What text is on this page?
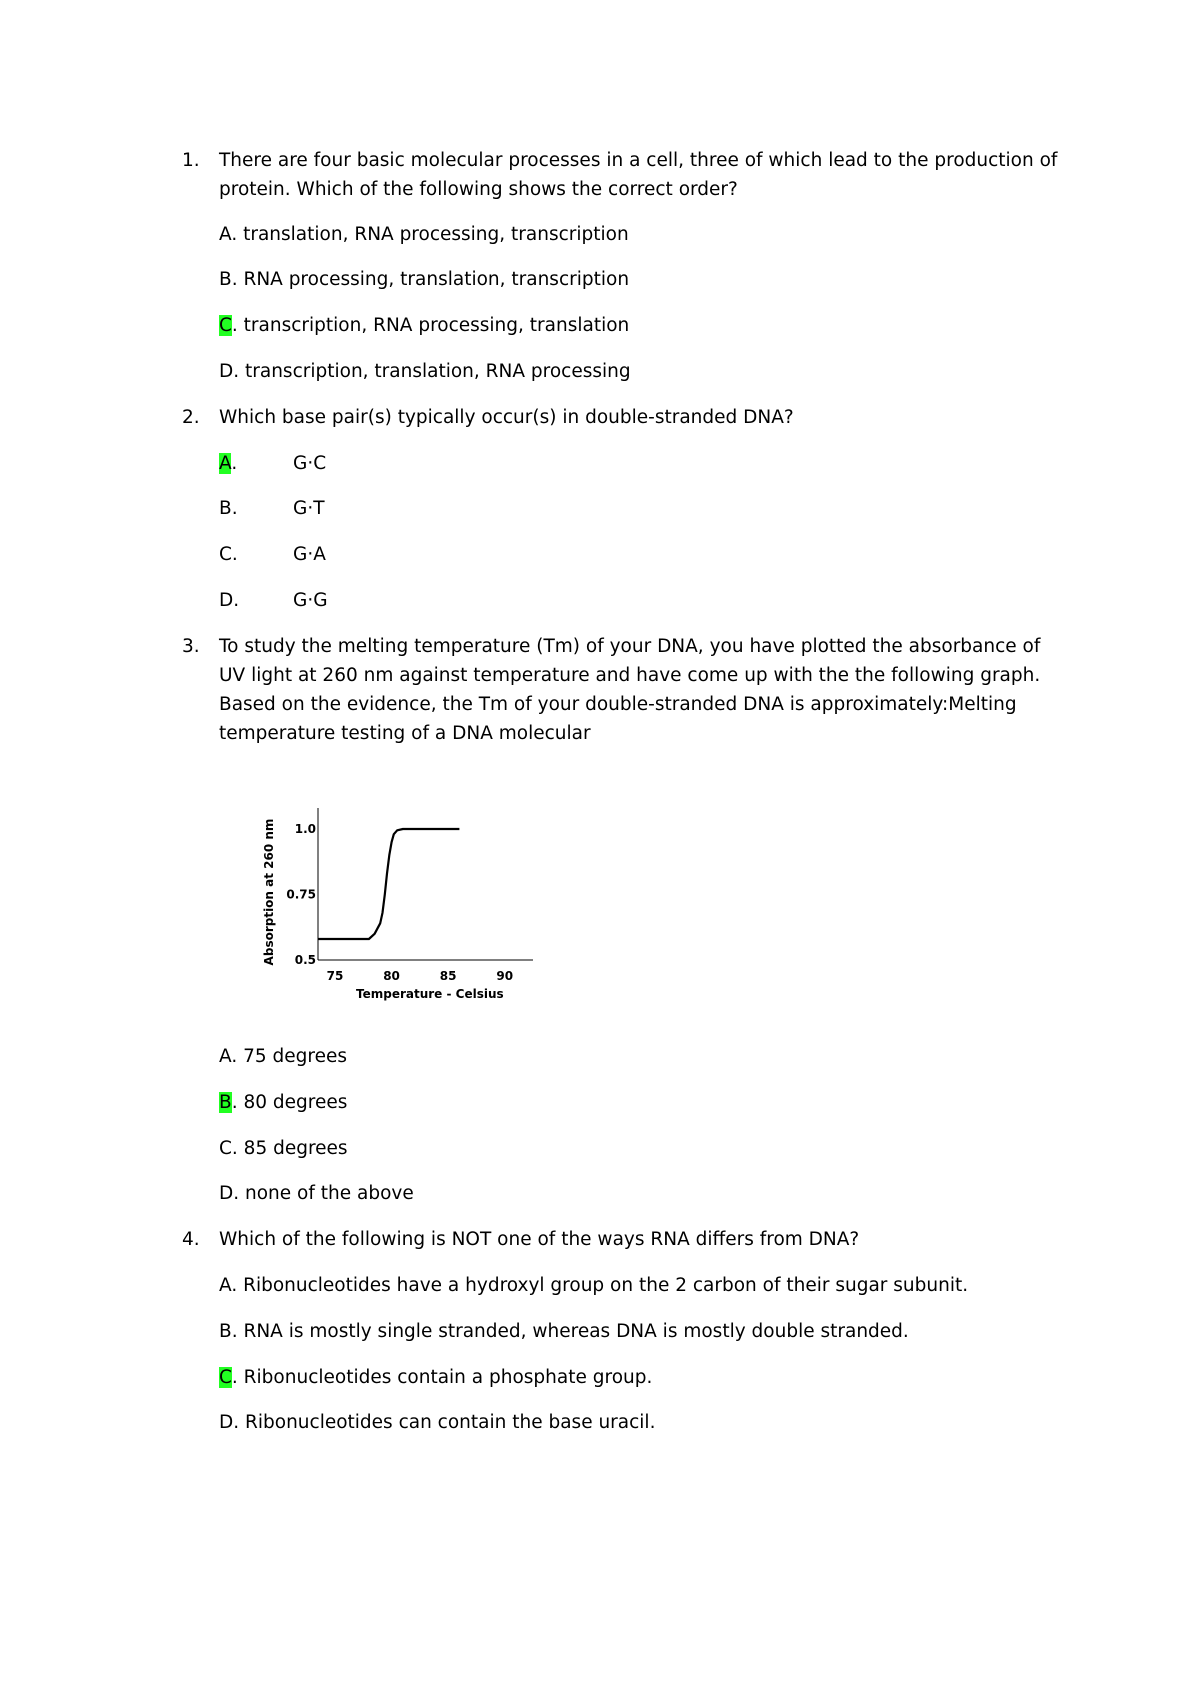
1. There are four basic molecular processes in a cell, three of which lead to the production of protein. Which of the following shows the correct order?
A. translation, RNA processing, transcription
B. RNA processing, translation, transcription
C. transcription, RNA processing, translation
D. transcription, translation, RNA processing
2. Which base pair(s) typically occur(s) in double-stranded DNA?
A.	G·C
B.	G·T
C.	G·A
D.	G·G
3. To study the melting temperature (Tm) of your DNA, you have plotted the absorbance of UV light at 260 nm against temperature and have come up with the the following graph. Based on the evidence, the Tm of your double-stranded DNA is approximately:Melting temperature testing of a DNA molecular
0.5
0.75
1.0
75	80	85	90
Temperature - Celsius
Absorption at 260 nm
A. 75 degrees
B. 80 degrees
C. 85 degrees
D. none of the above
4. Which of the following is NOT one of the ways RNA differs from DNA?
A. Ribonucleotides have a hydroxyl group on the 2 carbon of their sugar subunit.
B. RNA is mostly single stranded, whereas DNA is mostly double stranded.
C. Ribonucleotides contain a phosphate group.
D. Ribonucleotides can contain the base uracil.
